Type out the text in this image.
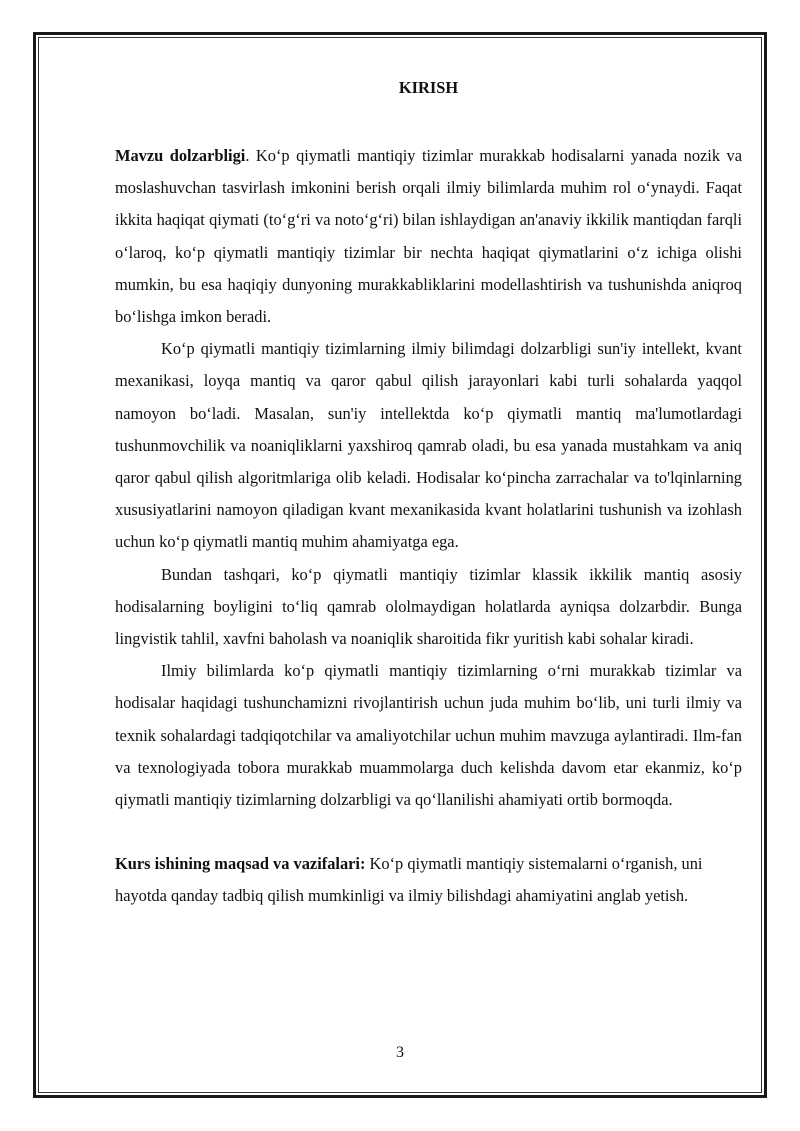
KIRISH

Mavzu dolzarbligi. Ko‘p qiymatli mantiqiy tizimlar murakkab hodisalarni yanada nozik va moslashuvchan tasvirlash imkonini berish orqali ilmiy bilimlarda muhim rol o‘ynaydi. Faqat ikkita haqiqat qiymati (to‘g‘ri va noto‘g‘ri) bilan ishlaydigan an'anaviy ikkilik mantiqdan farqli o‘laroq, ko‘p qiymatli mantiqiy tizimlar bir nechta haqiqat qiymatlarini o‘z ichiga olishi mumkin, bu esa haqiqiy dunyoning murakkabliklarini modellashtirish va tushunishda aniqroq bo‘lishga imkon beradi.

Ko‘p qiymatli mantiqiy tizimlarning ilmiy bilimdagi dolzarbligi sun'iy intellekt, kvant mexanikasi, loyqa mantiq va qaror qabul qilish jarayonlari kabi turli sohalarda yaqqol namoyon bo‘ladi. Masalan, sun'iy intellektda ko‘p qiymatli mantiq ma'lumotlardagi tushunmovchilik va noaniqliklarni yaxshiroq qamrab oladi, bu esa yanada mustahkam va aniq qaror qabul qilish algoritmlariga olib keladi. Hodisalar ko‘pincha zarrachalar va to'lqinlarning xususiyatlarini namoyon qiladigan kvant mexanikasida kvant holatlarini tushunish va izohlash uchun ko‘p qiymatli mantiq muhim ahamiyatga ega.

Bundan tashqari, ko‘p qiymatli mantiqiy tizimlar klassik ikkilik mantiq asosiy hodisalarning boyligini to‘liq qamrab ololmaydigan holatlarda ayniqsa dolzarbdir. Bunga lingvistik tahlil, xavfni baholash va noaniqlik sharoitida fikr yuritish kabi sohalar kiradi.

Ilmiy bilimlarda ko‘p qiymatli mantiqiy tizimlarning o‘rni murakkab tizimlar va hodisalar haqidagi tushunchamizni rivojlantirish uchun juda muhim bo‘lib, uni turli ilmiy va texnik sohalardagi tadqiqotchilar va amaliyotchilar uchun muhim mavzuga aylantiradi. Ilm-fan va texnologiyada tobora murakkab muammolarga duch kelishda davom etar ekanmiz, ko‘p qiymatli mantiqiy tizimlarning dolzarbligi va qo‘llanilishi ahamiyati ortib bormoqda.

Kurs ishining maqsad va vazifalari: Ko‘p qiymatli mantiqiy sistemalarni o‘rganish, uni hayotda qanday tadbiq qilish mumkinligi va ilmiy bilishdagi ahamiyatini anglab yetish.

3
